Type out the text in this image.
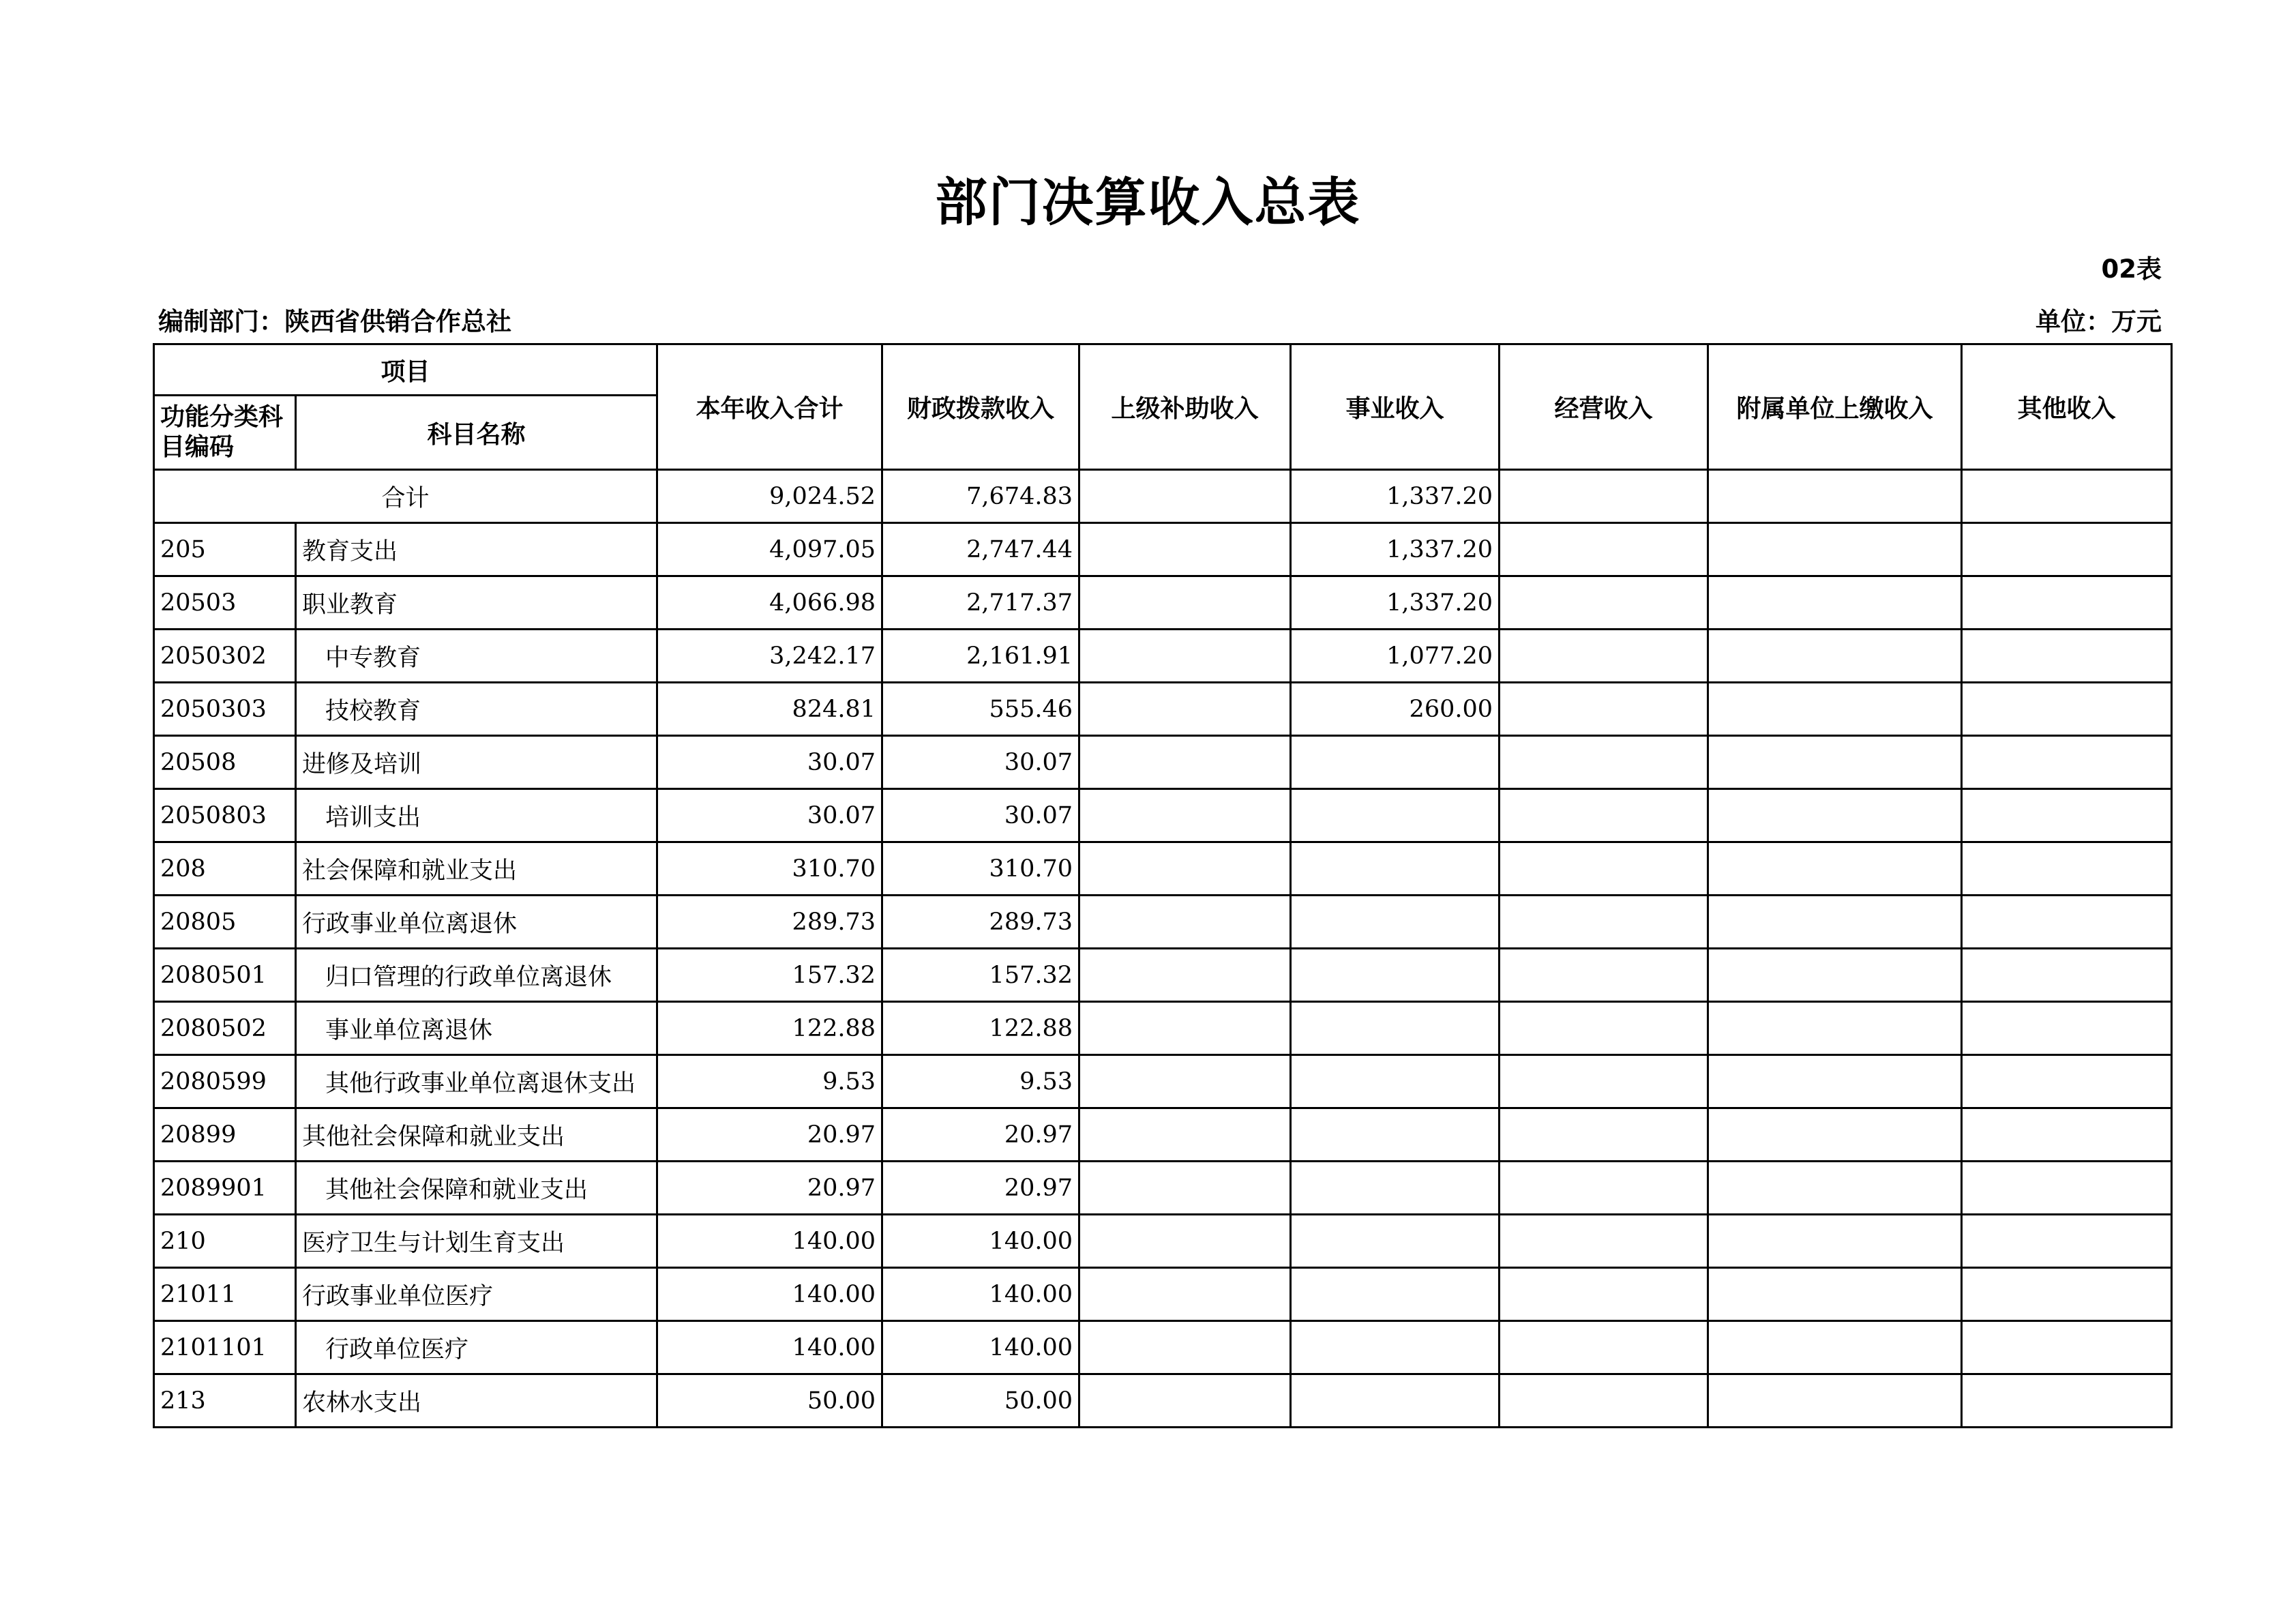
部门决算收入总表
02表
编制部门：陕西省供销合作总社	单位：万元
项目		本年收入合计	财政拨款收入	上级补助收入	事业收入	经营收入	附属单位上缴收入	其他收入
功能分类科目编码	科目名称							
合计		9,024.52	7,674.83		1,337.20			
205	教育支出	4,097.05	2,747.44		1,337.20			
20503	职业教育	4,066.98	2,717.37		1,337.20			
2050302	中专教育	3,242.17	2,161.91		1,077.20			
2050303	技校教育	824.81	555.46		260.00			
20508	进修及培训	30.07	30.07					
2050803	培训支出	30.07	30.07					
208	社会保障和就业支出	310.70	310.70					
20805	行政事业单位离退休	289.73	289.73					
2080501	归口管理的行政单位离退休	157.32	157.32					
2080502	事业单位离退休	122.88	122.88					
2080599	其他行政事业单位离退休支出	9.53	9.53					
20899	其他社会保障和就业支出	20.97	20.97					
2089901	其他社会保障和就业支出	20.97	20.97					
210	医疗卫生与计划生育支出	140.00	140.00					
21011	行政事业单位医疗	140.00	140.00					
2101101	行政单位医疗	140.00	140.00					
213	农林水支出	50.00	50.00					
